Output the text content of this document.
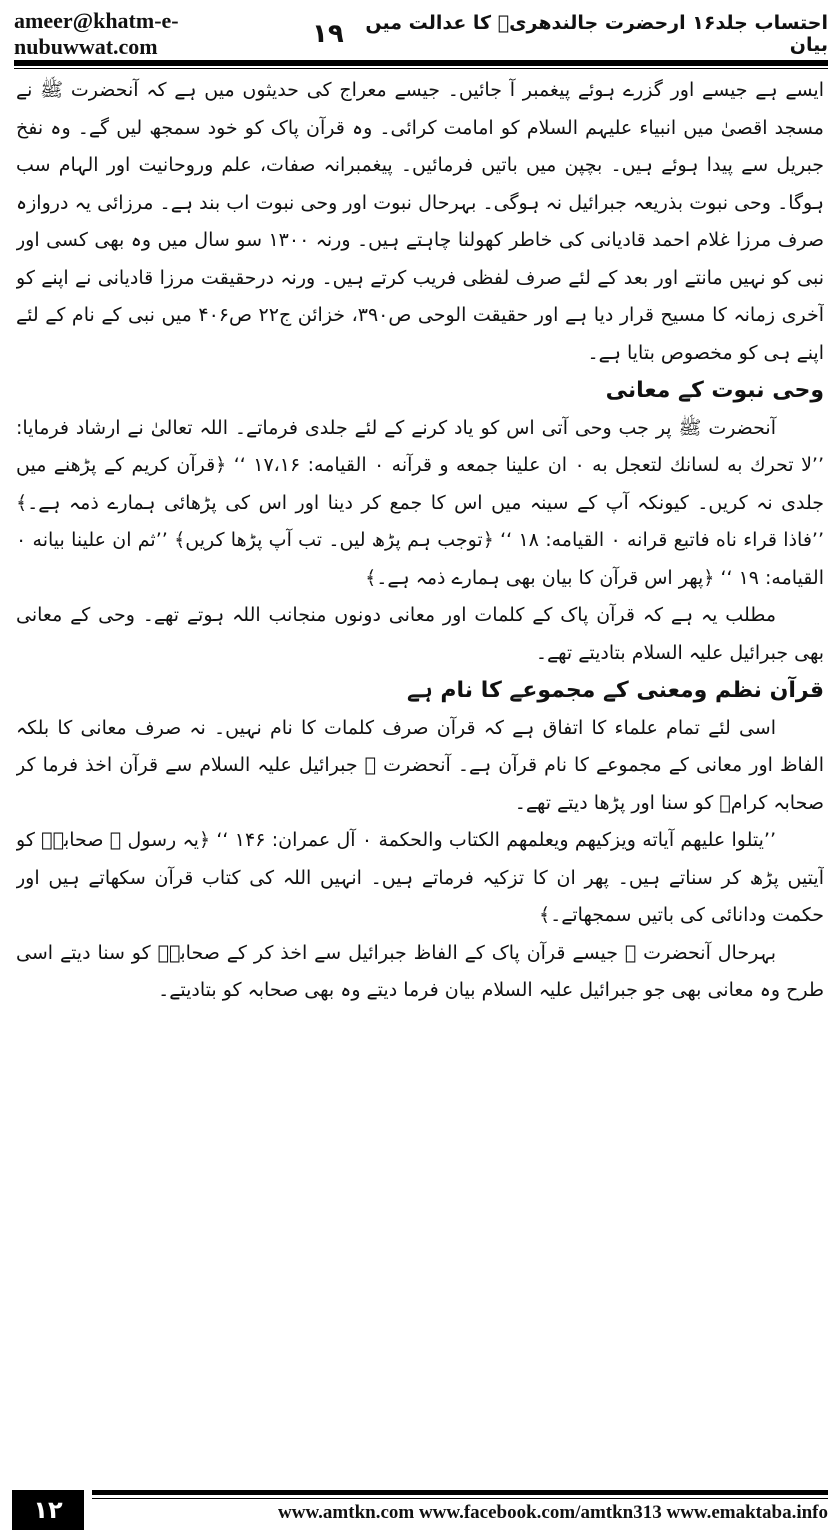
ameer@khatm-e-nubuwwat.com	۱۹	احتساب جلد۱۶ ارحضرت جالندھریؒ کا عدالت میں بیان

ایسے ہے جیسے اور گزرے ہوئے پیغمبر آ جائیں۔ جیسے معراج کی حدیثوں میں ہے کہ آنحضرت ﷺ نے مسجد اقصیٰ میں انبیاء علیہم السلام کو امامت کرائی۔ وہ قرآن پاک کو خود سمجھ لیں گے۔ وہ نفخ جبریل سے پیدا ہوئے ہیں۔ بچپن میں باتیں فرمائیں۔ پیغمبرانہ صفات، علم وروحانیت اور الہام سب ہوگا۔ وحی نبوت بذریعہ جبرائیل نہ ہوگی۔ بہرحال نبوت اور وحی نبوت اب بند ہے۔ مرزائی یہ دروازہ صرف مرزا غلام احمد قادیانی کی خاطر کھولنا چاہتے ہیں۔ ورنہ ۱۳۰۰ سو سال میں وہ بھی کسی اور نبی کو نہیں مانتے اور بعد کے لئے صرف لفظی فریب کرتے ہیں۔ ورنہ درحقیقت مرزا قادیانی نے اپنے کو آخری زمانہ کا مسیح قرار دیا ہے اور حقیقت الوحی ص۳۹۰، خزائن ج۲۲ ص۴۰۶ میں نبی کے نام کے لئے اپنے ہی کو مخصوص بتایا ہے۔

وحی نبوت کے معانی

آنحضرت ﷺ پر جب وحی آتی اس کو یاد کرنے کے لئے جلدی فرماتے۔ اللہ تعالیٰ نے ارشاد فرمایا: ’’لا تحرك به لسانك لتعجل به ۰ ان علینا جمعه و قرآنه ۰ القیامه: ۱۷،۱۶ ‘‘ ﴿قرآن کریم کے پڑھنے میں جلدی نہ کریں۔ کیونکہ آپ کے سینہ میں اس کا جمع کر دینا اور اس کی پڑھائی ہمارے ذمہ ہے۔﴾ ’’فاذا قراء ناه فاتبع قرانه ۰ القیامه: ۱۸ ‘‘ ﴿توجب ہم پڑھ لیں۔ تب آپ پڑھا کریں﴾ ’’ثم ان علینا بیانه ۰ القیامه: ۱۹ ‘‘ ﴿پھر اس قرآن کا بیان بھی ہمارے ذمہ ہے۔﴾

مطلب یہ ہے کہ قرآن پاک کے کلمات اور معانی دونوں منجانب اللہ ہوتے تھے۔ وحی کے معانی بھی جبرائیل علیہ السلام بتادیتے تھے۔

قرآن نظم ومعنی کے مجموعے کا نام ہے

اسی لئے تمام علماء کا اتفاق ہے کہ قرآن صرف کلمات کا نام نہیں۔ نہ صرف معانی کا بلکہ الفاظ اور معانی کے مجموعے کا نام قرآن ہے۔ آنحضرت ﷺ جبرائیل علیہ السلام سے قرآن اخذ فرما کر صحابہ کرامؓ کو سنا اور پڑھا دیتے تھے۔

’’یتلوا علیهم آیاته ویزکیهم ویعلمهم الکتاب والحکمة ۰ آل عمران: ۱۴۶ ‘‘ ﴿یہ رسول ﷺ صحابہؓ کو آیتیں پڑھ کر سناتے ہیں۔ پھر ان کا تزکیہ فرماتے ہیں۔ انہیں اللہ کی کتاب قرآن سکھاتے ہیں اور حکمت ودانائی کی باتیں سمجھاتے۔﴾

بہرحال آنحضرت ﷺ جیسے قرآن پاک کے الفاظ جبرائیل سے اخذ کر کے صحابہؓ کو سنا دیتے اسی طرح وہ معانی بھی جو جبرائیل علیہ السلام بیان فرما دیتے وہ بھی صحابہ کو بتادیتے۔

۱۲	www.amtkn.com www.facebook.com/amtkn313 www.emaktaba.info
